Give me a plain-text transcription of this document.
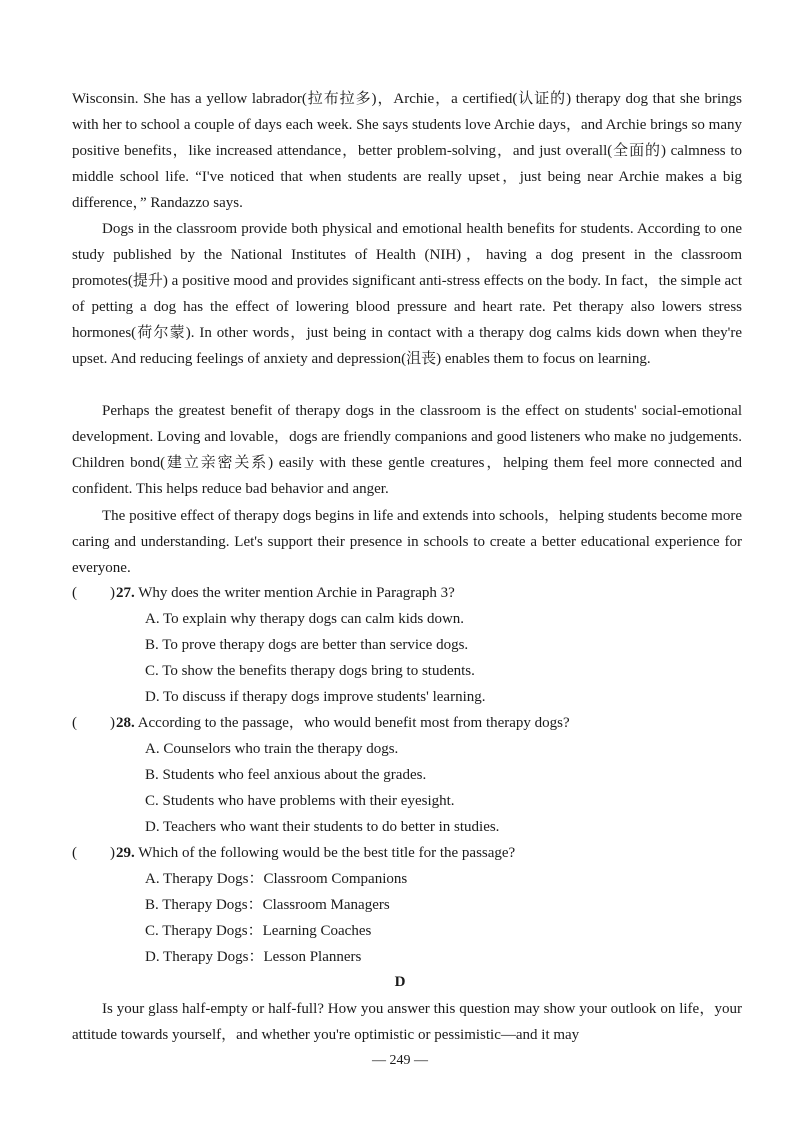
Wisconsin. She has a yellow labrador(拉布拉多)，Archie，a certified(认证的) therapy dog that she brings with her to school a couple of days each week. She says students love Archie days，and Archie brings so many positive benefits，like increased attendance，better problem-solving，and just overall(全面的) calmness to middle school life. “I've noticed that when students are really upset，just being near Archie makes a big difference，” Randazzo says.

Dogs in the classroom provide both physical and emotional health benefits for students. According to one study published by the National Institutes of Health (NIH)，having a dog present in the classroom promotes(提升) a positive mood and provides significant anti-stress effects on the body. In fact，the simple act of petting a dog has the effect of lowering blood pressure and heart rate. Pet therapy also lowers stress hormones(荷尔蒙). In other words，just being in contact with a therapy dog calms kids down when they're upset. And reducing feelings of anxiety and depression(沮丧) enables them to focus on learning.

Perhaps the greatest benefit of therapy dogs in the classroom is the effect on students' social-emotional development. Loving and lovable，dogs are friendly companions and good listeners who make no judgements. Children bond(建立亲密关系) easily with these gentle creatures，helping them feel more connected and confident. This helps reduce bad behavior and anger.

The positive effect of therapy dogs begins in life and extends into schools，helping students become more caring and understanding. Let's support their presence in schools to create a better educational experience for everyone.

( ) 27. Why does the writer mention Archie in Paragraph 3?
A. To explain why therapy dogs can calm kids down.
B. To prove therapy dogs are better than service dogs.
C. To show the benefits therapy dogs bring to students.
D. To discuss if therapy dogs improve students' learning.
( ) 28. According to the passage，who would benefit most from therapy dogs?
A. Counselors who train the therapy dogs.
B. Students who feel anxious about the grades.
C. Students who have problems with their eyesight.
D. Teachers who want their students to do better in studies.
( ) 29. Which of the following would be the best title for the passage?
A. Therapy Dogs：Classroom Companions
B. Therapy Dogs：Classroom Managers
C. Therapy Dogs：Learning Coaches
D. Therapy Dogs：Lesson Planners
D

Is your glass half-empty or half-full? How you answer this question may show your outlook on life，your attitude towards yourself，and whether you're optimistic or pessimistic—and it may

— 249 —
